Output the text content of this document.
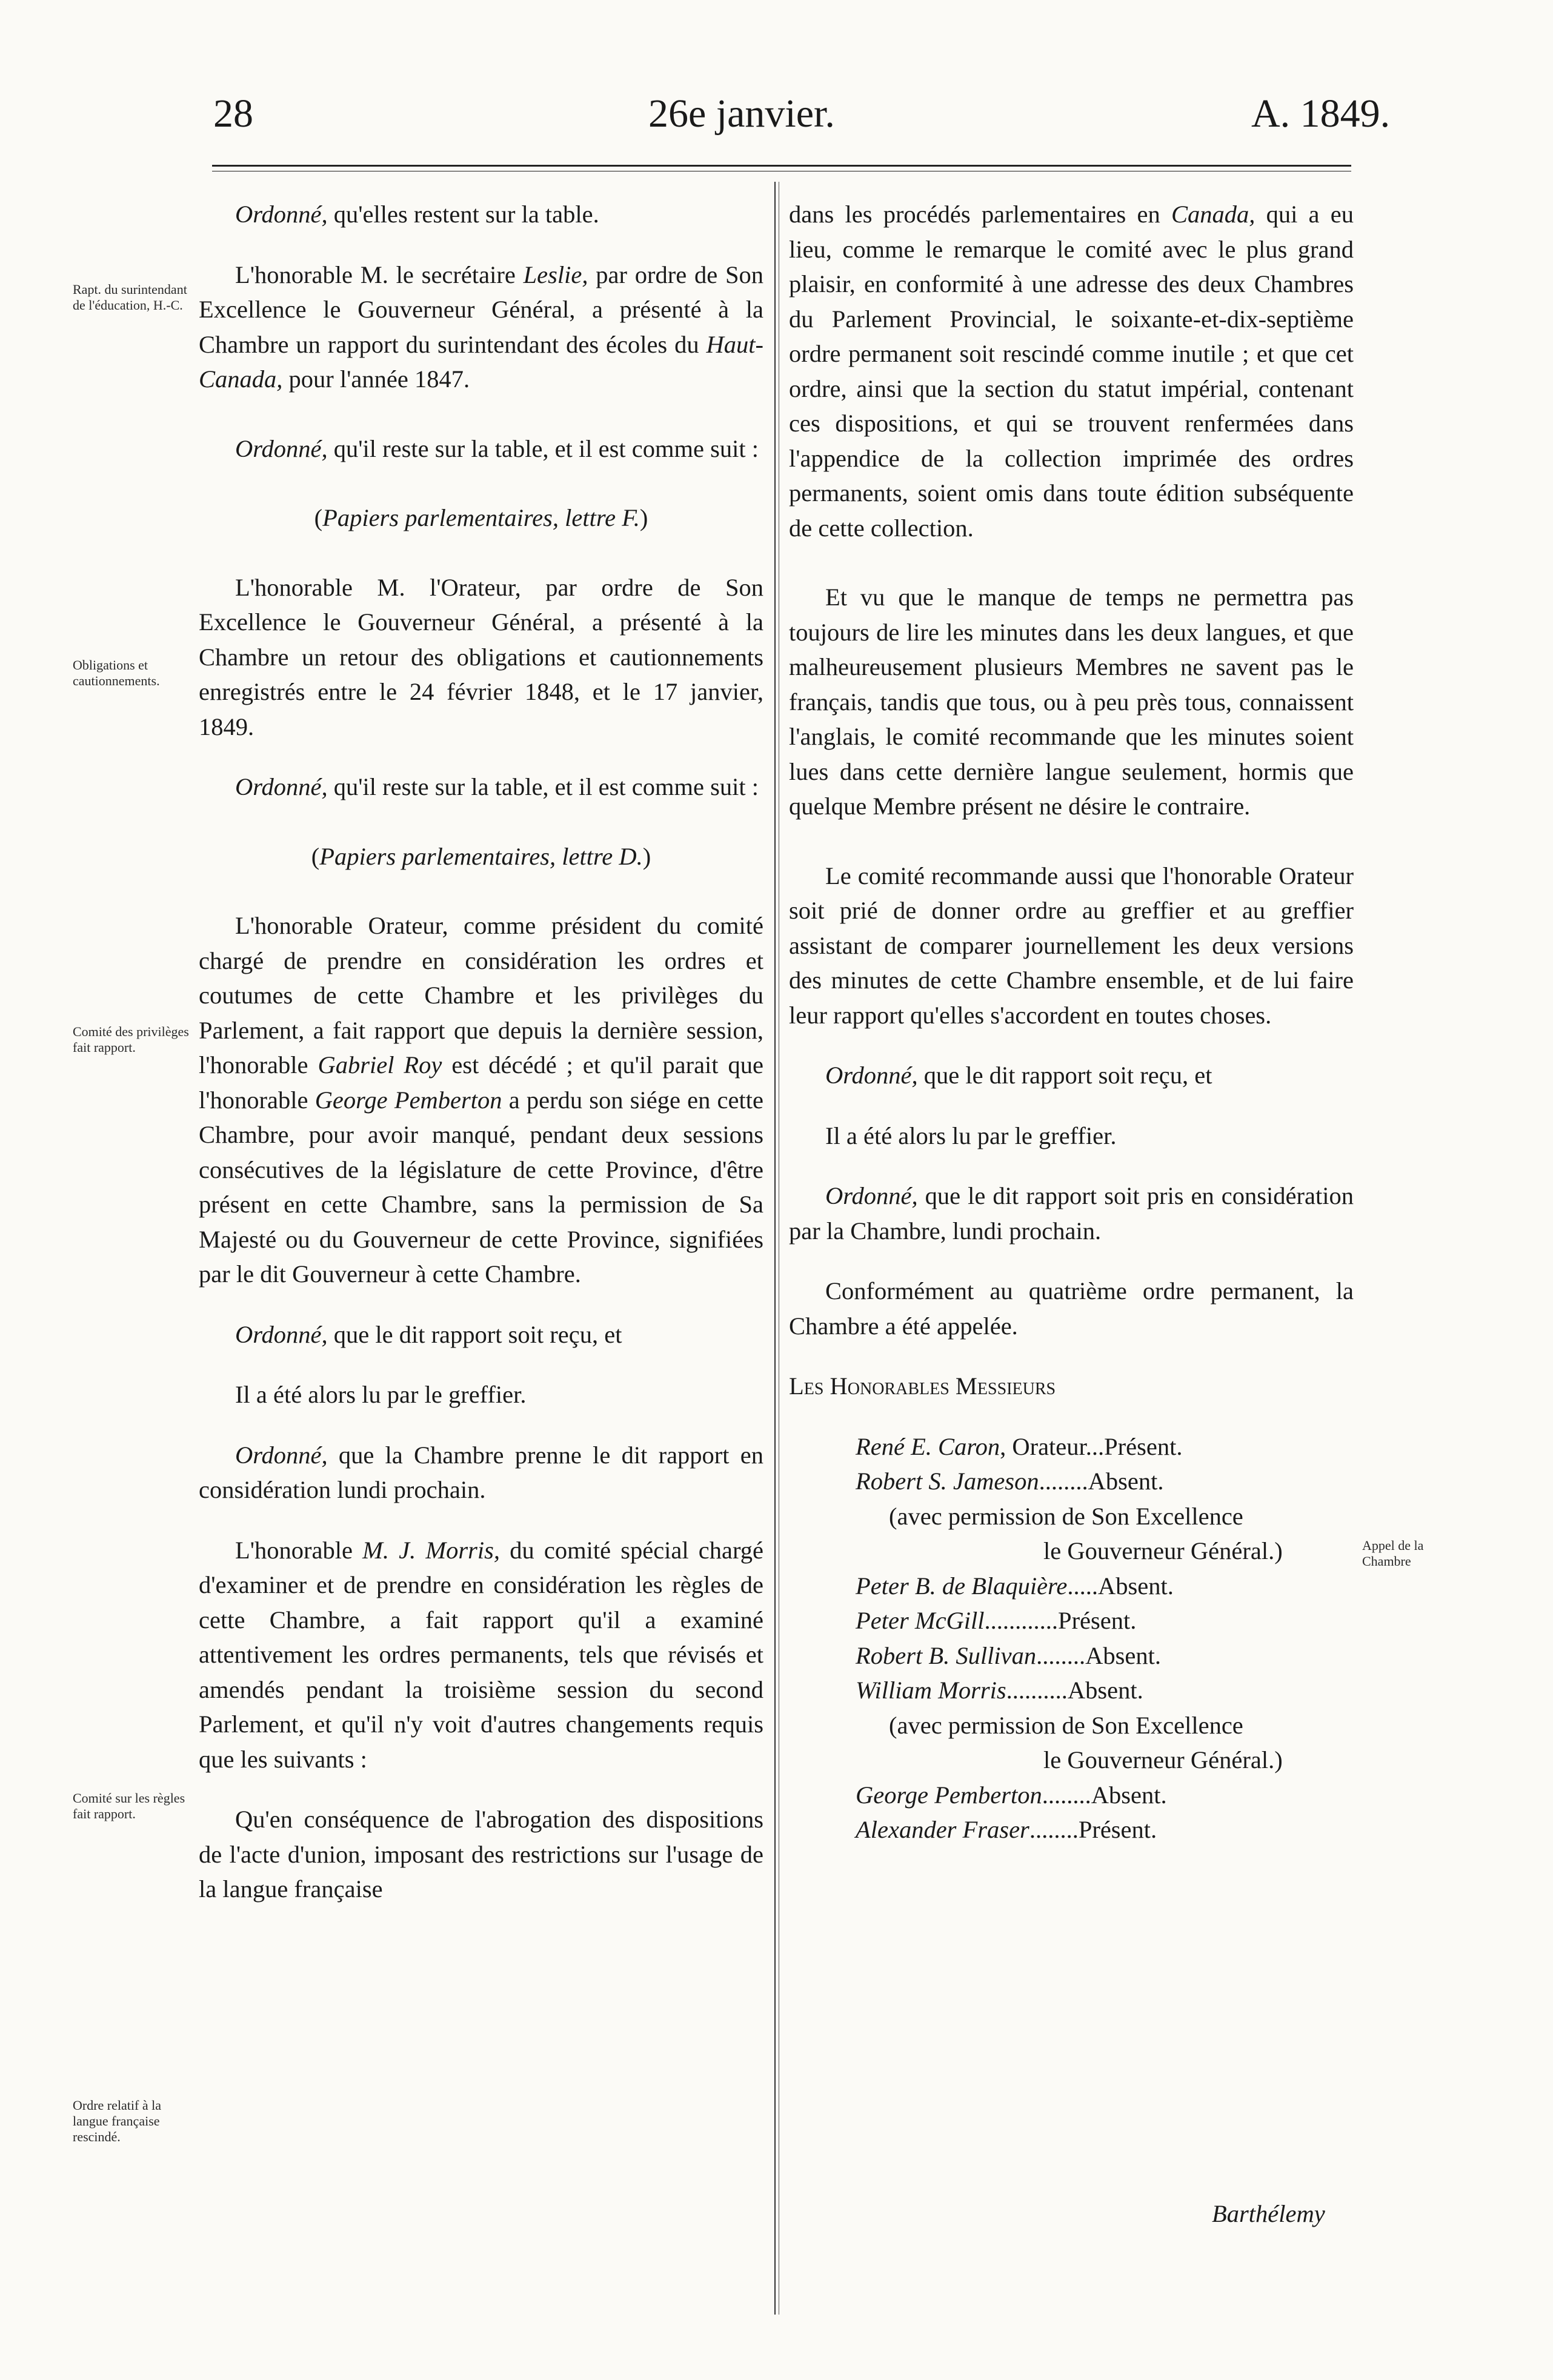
28	26e janvier.	A. 1849.
Rapt. du surintendant de l'éducation, H.-C.
Obligations et cautionnements.
Comité des privilèges fait rapport.
Comité sur les règles fait rapport.
Ordre relatif à la langue française rescindé.
Appel de la Chambre

Ordonné, qu'elles restent sur la table.

L'honorable M. le secrétaire Leslie, par ordre de Son Excellence le Gouverneur Général, a présenté à la Chambre un rapport du surintendant des écoles du Haut-Canada, pour l'année 1847.

Ordonné, qu'il reste sur la table, et il est comme suit :

(Papiers parlementaires, lettre F.)

L'honorable M. l'Orateur, par ordre de Son Excellence le Gouverneur Général, a présenté à la Chambre un retour des obligations et cautionnements enregistrés entre le 24 février 1848, et le 17 janvier, 1849.

Ordonné, qu'il reste sur la table, et il est comme suit :

(Papiers parlementaires, lettre D.)

L'honorable Orateur, comme président du comité chargé de prendre en considération les ordres et coutumes de cette Chambre et les privilèges du Parlement, a fait rapport que depuis la dernière session, l'honorable Gabriel Roy est décédé ; et qu'il parait que l'honorable George Pemberton a perdu son siége en cette Chambre, pour avoir manqué, pendant deux sessions consécutives de la législature de cette Province, d'être présent en cette Chambre, sans la permission de Sa Majesté ou du Gouverneur de cette Province, signifiées par le dit Gouverneur à cette Chambre.

Ordonné, que le dit rapport soit reçu, et

Il a été alors lu par le greffier.

Ordonné, que la Chambre prenne le dit rapport en considération lundi prochain.

L'honorable M. J. Morris, du comité spécial chargé d'examiner et de prendre en considération les règles de cette Chambre, a fait rapport qu'il a examiné attentivement les ordres permanents, tels que révisés et amendés pendant la troisième session du second Parlement, et qu'il n'y voit d'autres changements requis que les suivants :

Qu'en conséquence de l'abrogation des dispositions de l'acte d'union, imposant des restrictions sur l'usage de la langue française

dans les procédés parlementaires en Canada, qui a eu lieu, comme le remarque le comité avec le plus grand plaisir, en conformité à une adresse des deux Chambres du Parlement Provincial, le soixante-et-dix-septième ordre permanent soit rescindé comme inutile ; et que cet ordre, ainsi que la section du statut impérial, contenant ces dispositions, et qui se trouvent renfermées dans l'appendice de la collection imprimée des ordres permanents, soient omis dans toute édition subséquente de cette collection.

Et vu que le manque de temps ne permettra pas toujours de lire les minutes dans les deux langues, et que malheureusement plusieurs Membres ne savent pas le français, tandis que tous, ou à peu près tous, connaissent l'anglais, le comité recommande que les minutes soient lues dans cette dernière langue seulement, hormis que quelque Membre présent ne désire le contraire.

Le comité recommande aussi que l'honorable Orateur soit prié de donner ordre au greffier et au greffier assistant de comparer journellement les deux versions des minutes de cette Chambre ensemble, et de lui faire leur rapport qu'elles s'accordent en toutes choses.

Ordonné, que le dit rapport soit reçu, et

Il a été alors lu par le greffier.

Ordonné, que le dit rapport soit pris en considération par la Chambre, lundi prochain.

Conformément au quatrième ordre permanent, la Chambre a été appelée.

Les Honorables Messieurs

René E. Caron, Orateur...Présent.
Robert S. Jameson........Absent.
(avec permission de Son Excellence
le Gouverneur Général.)
Peter B. de Blaquière.....Absent.
Peter McGill............Présent.
Robert B. Sullivan........Absent.
William Morris..........Absent.
(avec permission de Son Excellence
le Gouverneur Général.)
George Pemberton........Absent.
Alexander Fraser........Présent.
Barthélemy
